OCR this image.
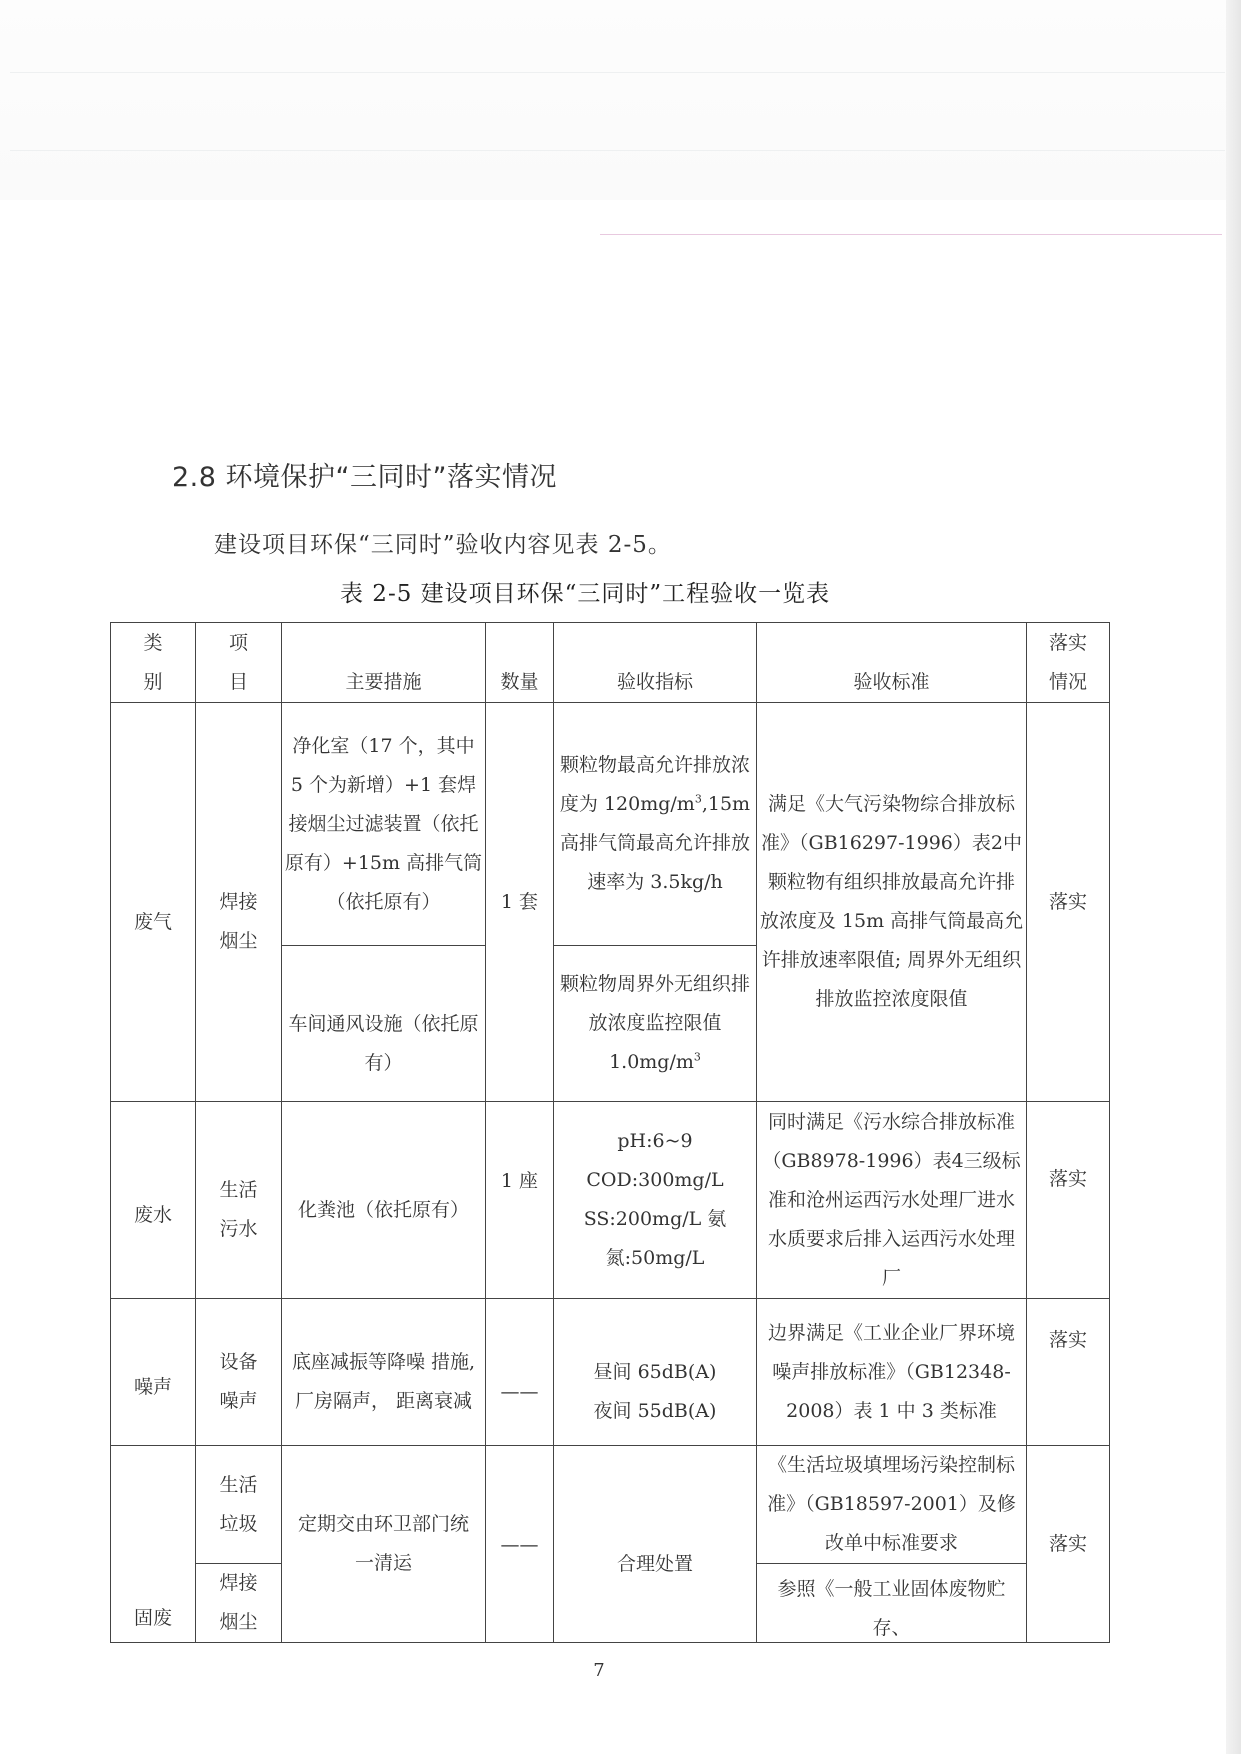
2.8 环境保护“三同时”落实情况
建设项目环保“三同时”验收内容见表 2-5。
表 2-5 建设项目环保“三同时”工程验收一览表
类别	项目	主要措施	数量	验收指标	验收标准	落实情况

废气	焊接烟尘	净化室（17 个，其中 5 个为新增）+1 套焊接烟尘过滤装置（依托原有）+15m 高排气筒（依托原有）	1 套	颗粒物最高允许排放浓度为 $120mg/m^3,15m$ 高排气筒最高允许排放速率为 3.5kg/h	满足《大气污染物综合排放标准》（GB16297-1996）表2中颗粒物有组织排放最高允许排放浓度及 15m 高排气筒最高允许排放速率限值; 周界外无组织排放监控浓度限值	落实
		车间通风设施（依托原有）		颗粒物周界外无组织排放浓度监控限值 $1.0mg/m^3$
废水	生活污水	化粪池（依托原有）	1 座	pH:6~9 COD:300mg/L SS:200mg/L 氨氮:50mg/L	同时满足《污水综合排放标准（GB8978-1996）表4三级标准和沧州运西污水处理厂进水水质要求后排入运西污水处理厂	落实
噪声	设备噪声	底座减振等降噪 措施,厂房隔声， 距离衰减	——	昼间 65dB(A) 夜间 55dB(A)	边界满足《工业企业厂界环境噪声排放标准》（GB12348-2008）表 1 中 3 类标准	落实
固废	生活垃圾	定期交由环卫部门统一清运	——	合理处置	《生活垃圾填埋场污染控制标准》（GB18597-2001）及修改单中标准要求	落实

	焊接烟尘				参照《一般工业固体废物贮 存、	
7
